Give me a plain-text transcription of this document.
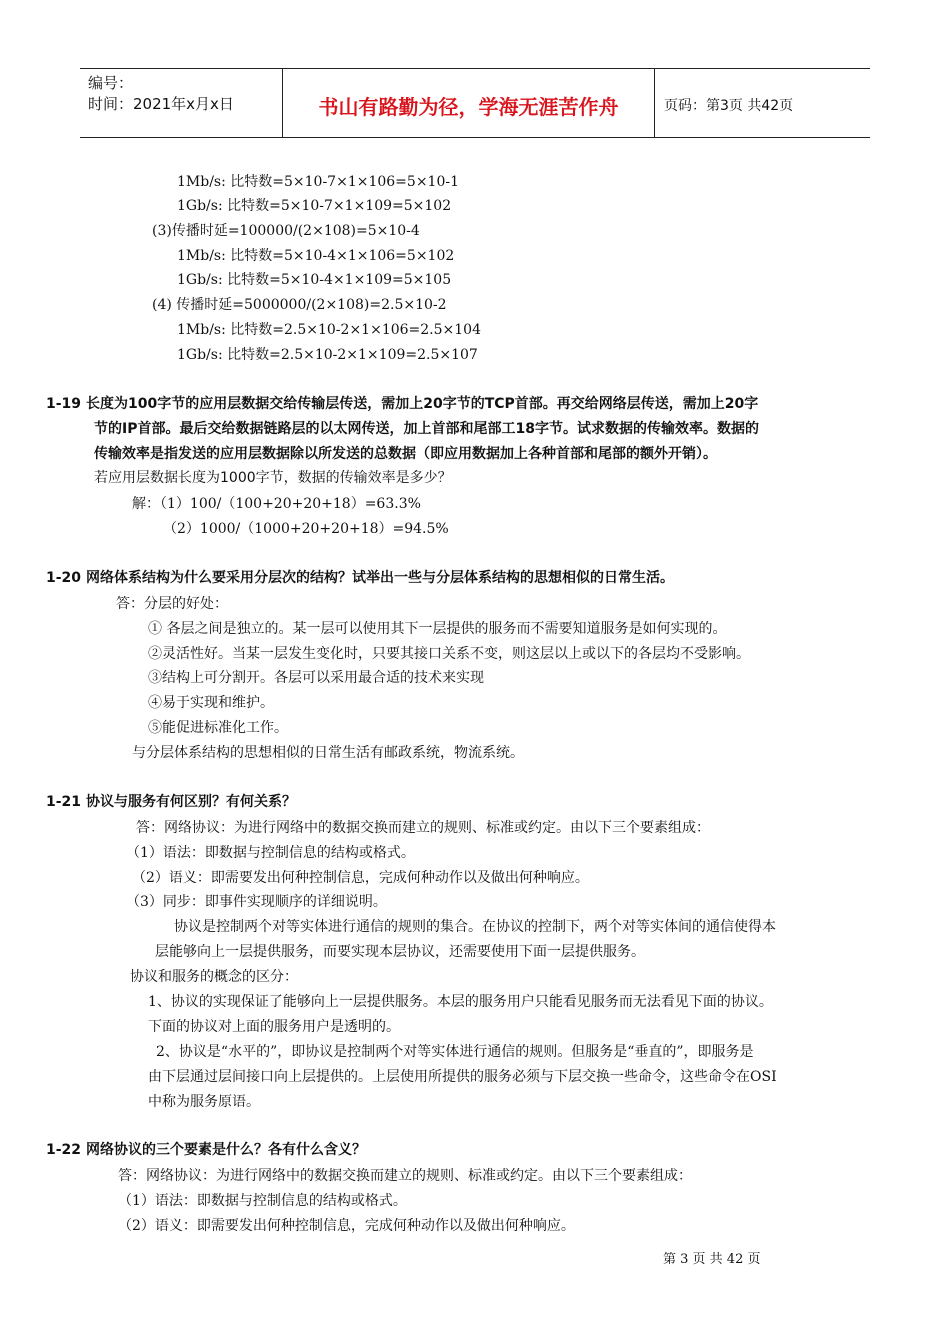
编号：
时间：2021年x月x日	书山有路勤为径，学海无涯苦作舟	页码：第3页 共42页
1Mb/s: 比特数=5×10-7×1×106=5×10-1
1Gb/s: 比特数=5×10-7×1×109=5×102
(3)传播时延=100000/(2×108)=5×10-4
1Mb/s: 比特数=5×10-4×1×106=5×102
1Gb/s: 比特数=5×10-4×1×109=5×105
(4) 传播时延=5000000/(2×108)=2.5×10-2
1Mb/s: 比特数=2.5×10-2×1×106=2.5×104
1Gb/s: 比特数=2.5×10-2×1×109=2.5×107
1-19 长度为100字节的应用层数据交给传输层传送，需加上20字节的TCP首部。再交给网络层传送，需加上20字
节的IP首部。最后交给数据链路层的以太网传送，加上首部和尾部工18字节。试求数据的传输效率。数据的
传输效率是指发送的应用层数据除以所发送的总数据（即应用数据加上各种首部和尾部的额外开销）。
若应用层数据长度为1000字节，数据的传输效率是多少？
解：（1）100/（100+20+20+18）=63.3%
（2）1000/（1000+20+20+18）=94.5%
1-20 网络体系结构为什么要采用分层次的结构？试举出一些与分层体系结构的思想相似的日常生活。
答：分层的好处：
① 各层之间是独立的。某一层可以使用其下一层提供的服务而不需要知道服务是如何实现的。
②灵活性好。当某一层发生变化时，只要其接口关系不变，则这层以上或以下的各层均不受影响。
③结构上可分割开。各层可以采用最合适的技术来实现
④易于实现和维护。
⑤能促进标准化工作。
与分层体系结构的思想相似的日常生活有邮政系统，物流系统。
1-21 协议与服务有何区别？有何关系？
答：网络协议：为进行网络中的数据交换而建立的规则、标准或约定。由以下三个要素组成：
（1）语法：即数据与控制信息的结构或格式。
（2）语义：即需要发出何种控制信息，完成何种动作以及做出何种响应。
（3）同步：即事件实现顺序的详细说明。
协议是控制两个对等实体进行通信的规则的集合。在协议的控制下，两个对等实体间的通信使得本
层能够向上一层提供服务，而要实现本层协议，还需要使用下面一层提供服务。
协议和服务的概念的区分：
1、协议的实现保证了能够向上一层提供服务。本层的服务用户只能看见服务而无法看见下面的协议。
下面的协议对上面的服务用户是透明的。
2、协议是“水平的”，即协议是控制两个对等实体进行通信的规则。但服务是“垂直的”，即服务是
由下层通过层间接口向上层提供的。上层使用所提供的服务必须与下层交换一些命令，这些命令在OSI
中称为服务原语。
1-22 网络协议的三个要素是什么？各有什么含义？
答：网络协议：为进行网络中的数据交换而建立的规则、标准或约定。由以下三个要素组成：
（1）语法：即数据与控制信息的结构或格式。
（2）语义：即需要发出何种控制信息，完成何种动作以及做出何种响应。
第 3 页 共 42 页
